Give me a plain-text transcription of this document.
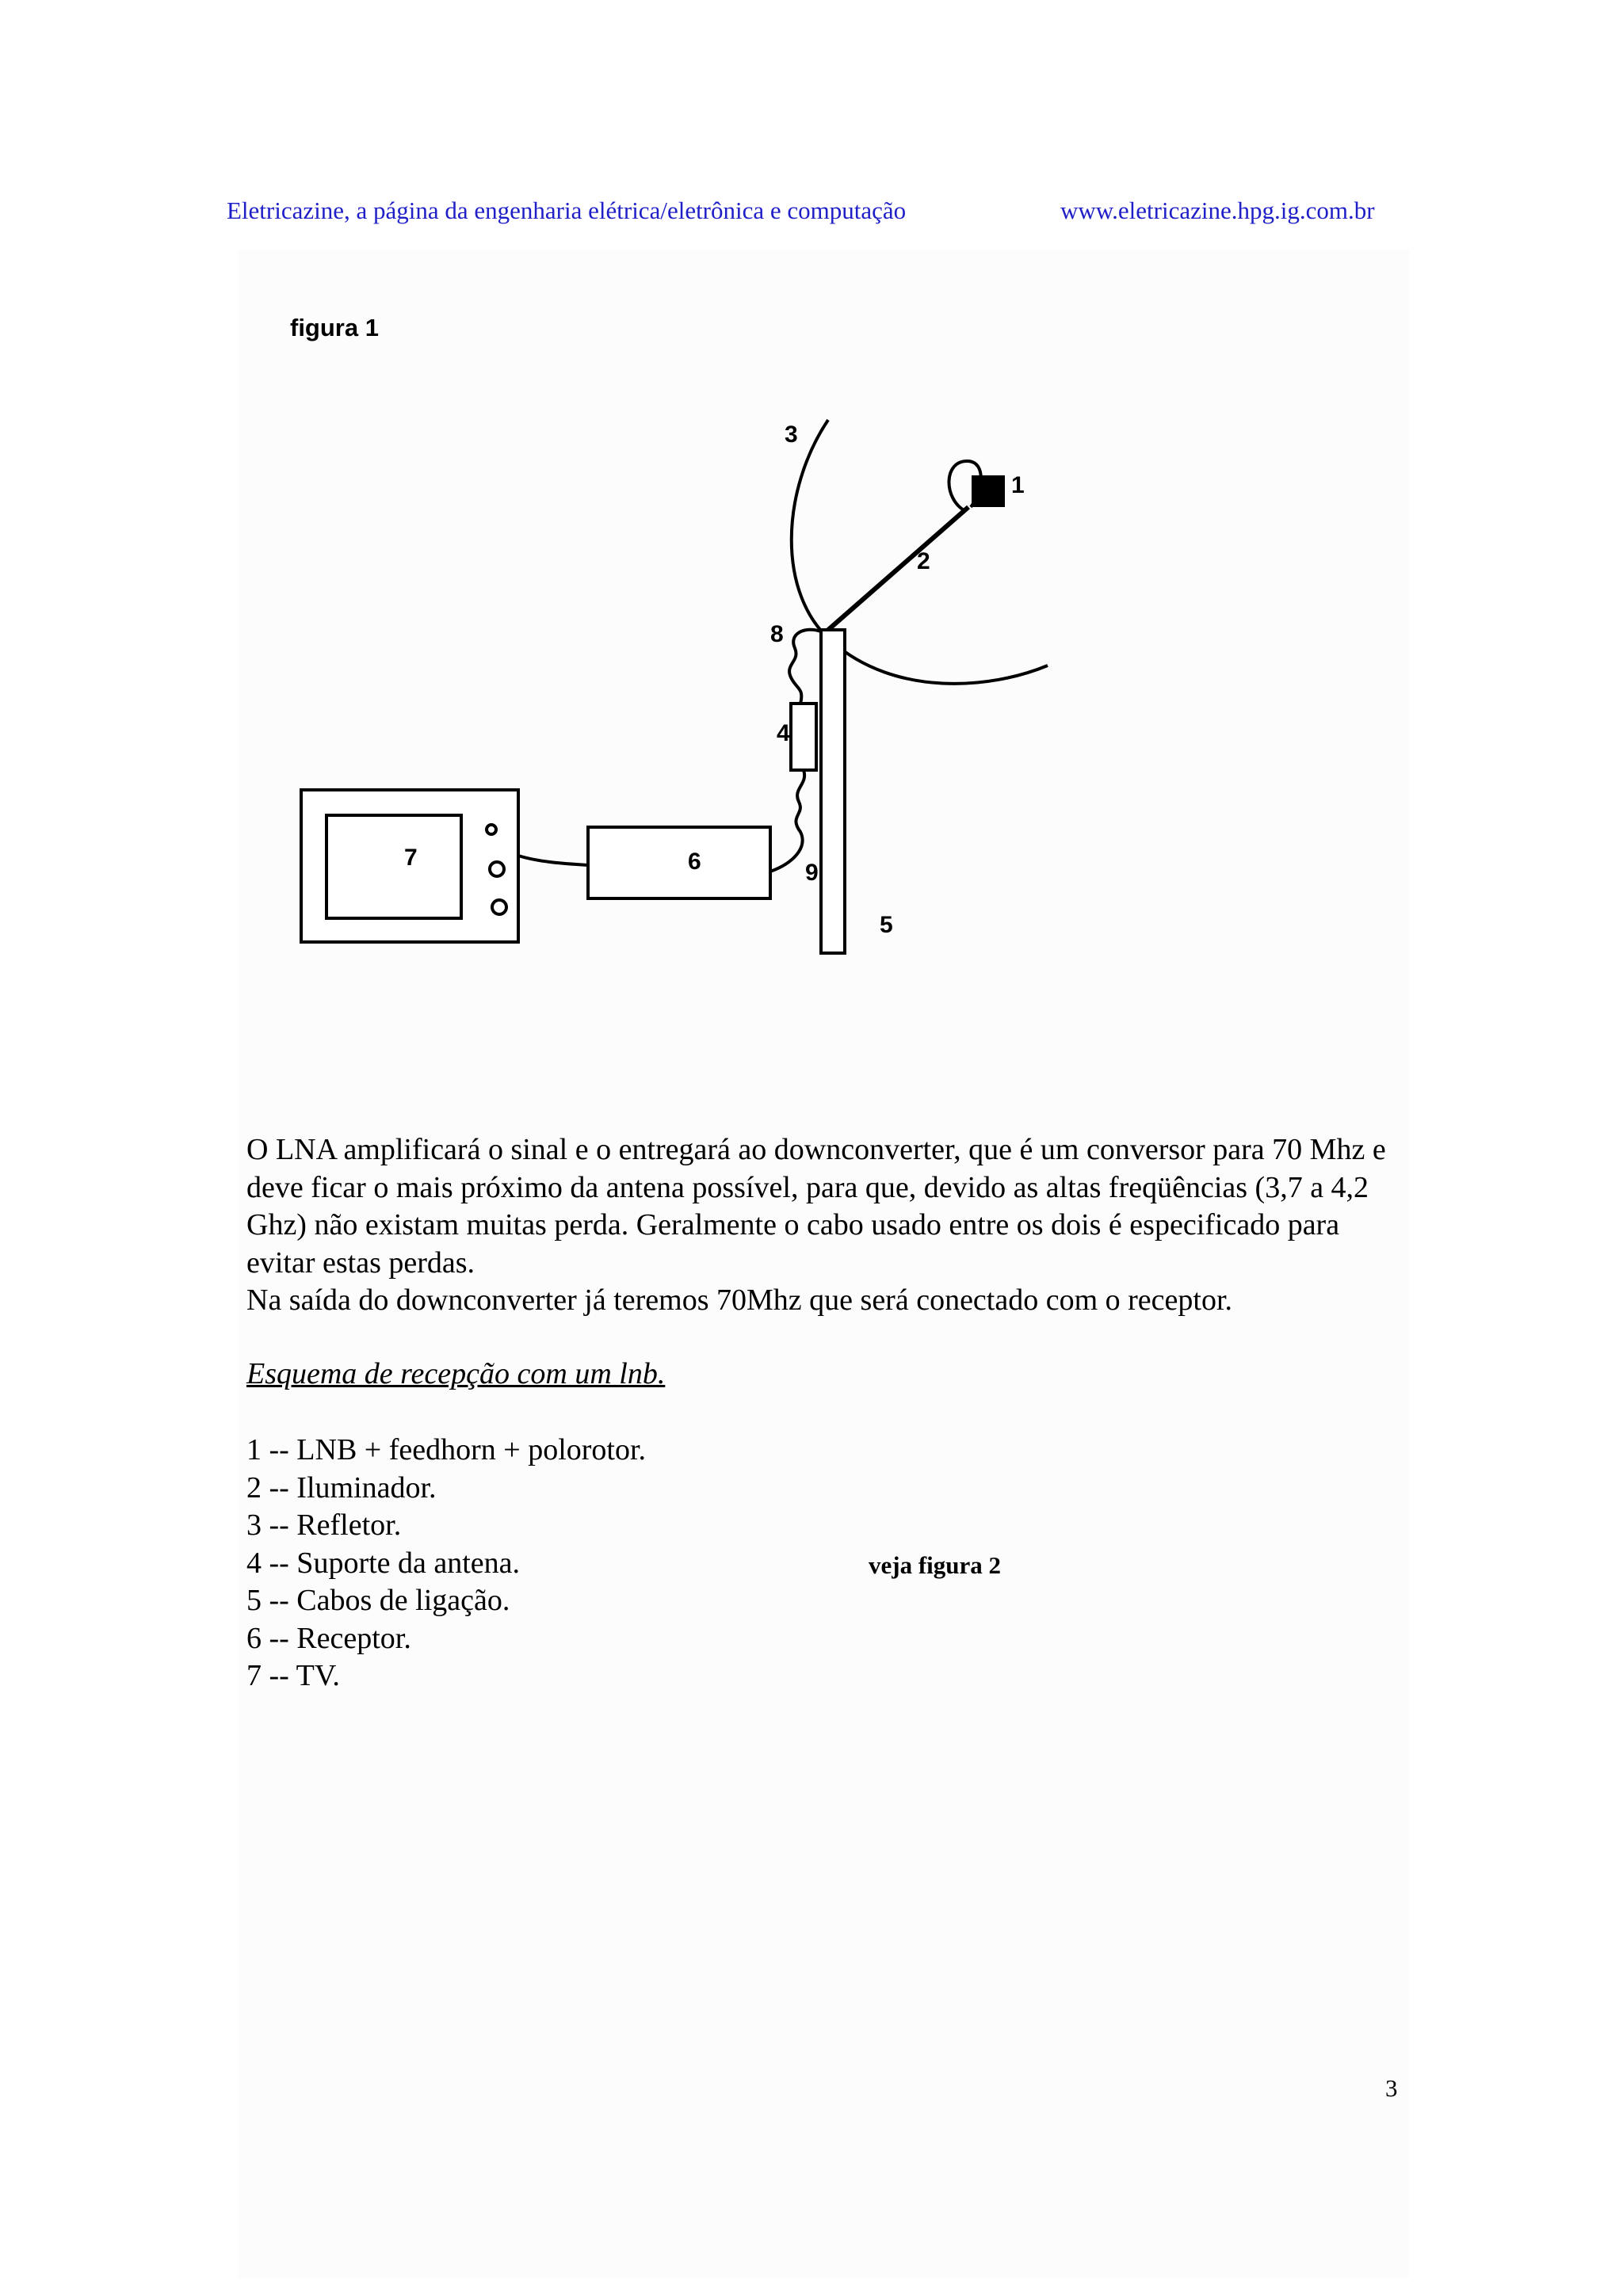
Eletricazine, a página da engenharia elétrica/eletrônica e computação	www.eletricazine.hpg.ig.com.br
figura 1
1
2
3
4
5
6
7
8
9

O LNA amplificará o sinal e o entregará ao downconverter, que é um conversor para 70 Mhz e deve ficar o mais próximo da antena possível, para que, devido as altas freqüências (3,7 a 4,2 Ghz) não existam muitas perda. Geralmente o cabo usado entre os dois é especificado para evitar estas perdas.

Na saída do downconverter já teremos 70Mhz que será conectado com o receptor.

Esquema de recepção com um lnb.
1 -- LNB + feedhorn + polorotor.
2 -- Iluminador.
3 -- Refletor.
4 -- Suporte da antena.
5 -- Cabos de ligação.
6 -- Receptor.
7 -- TV.
veja figura 2
3
